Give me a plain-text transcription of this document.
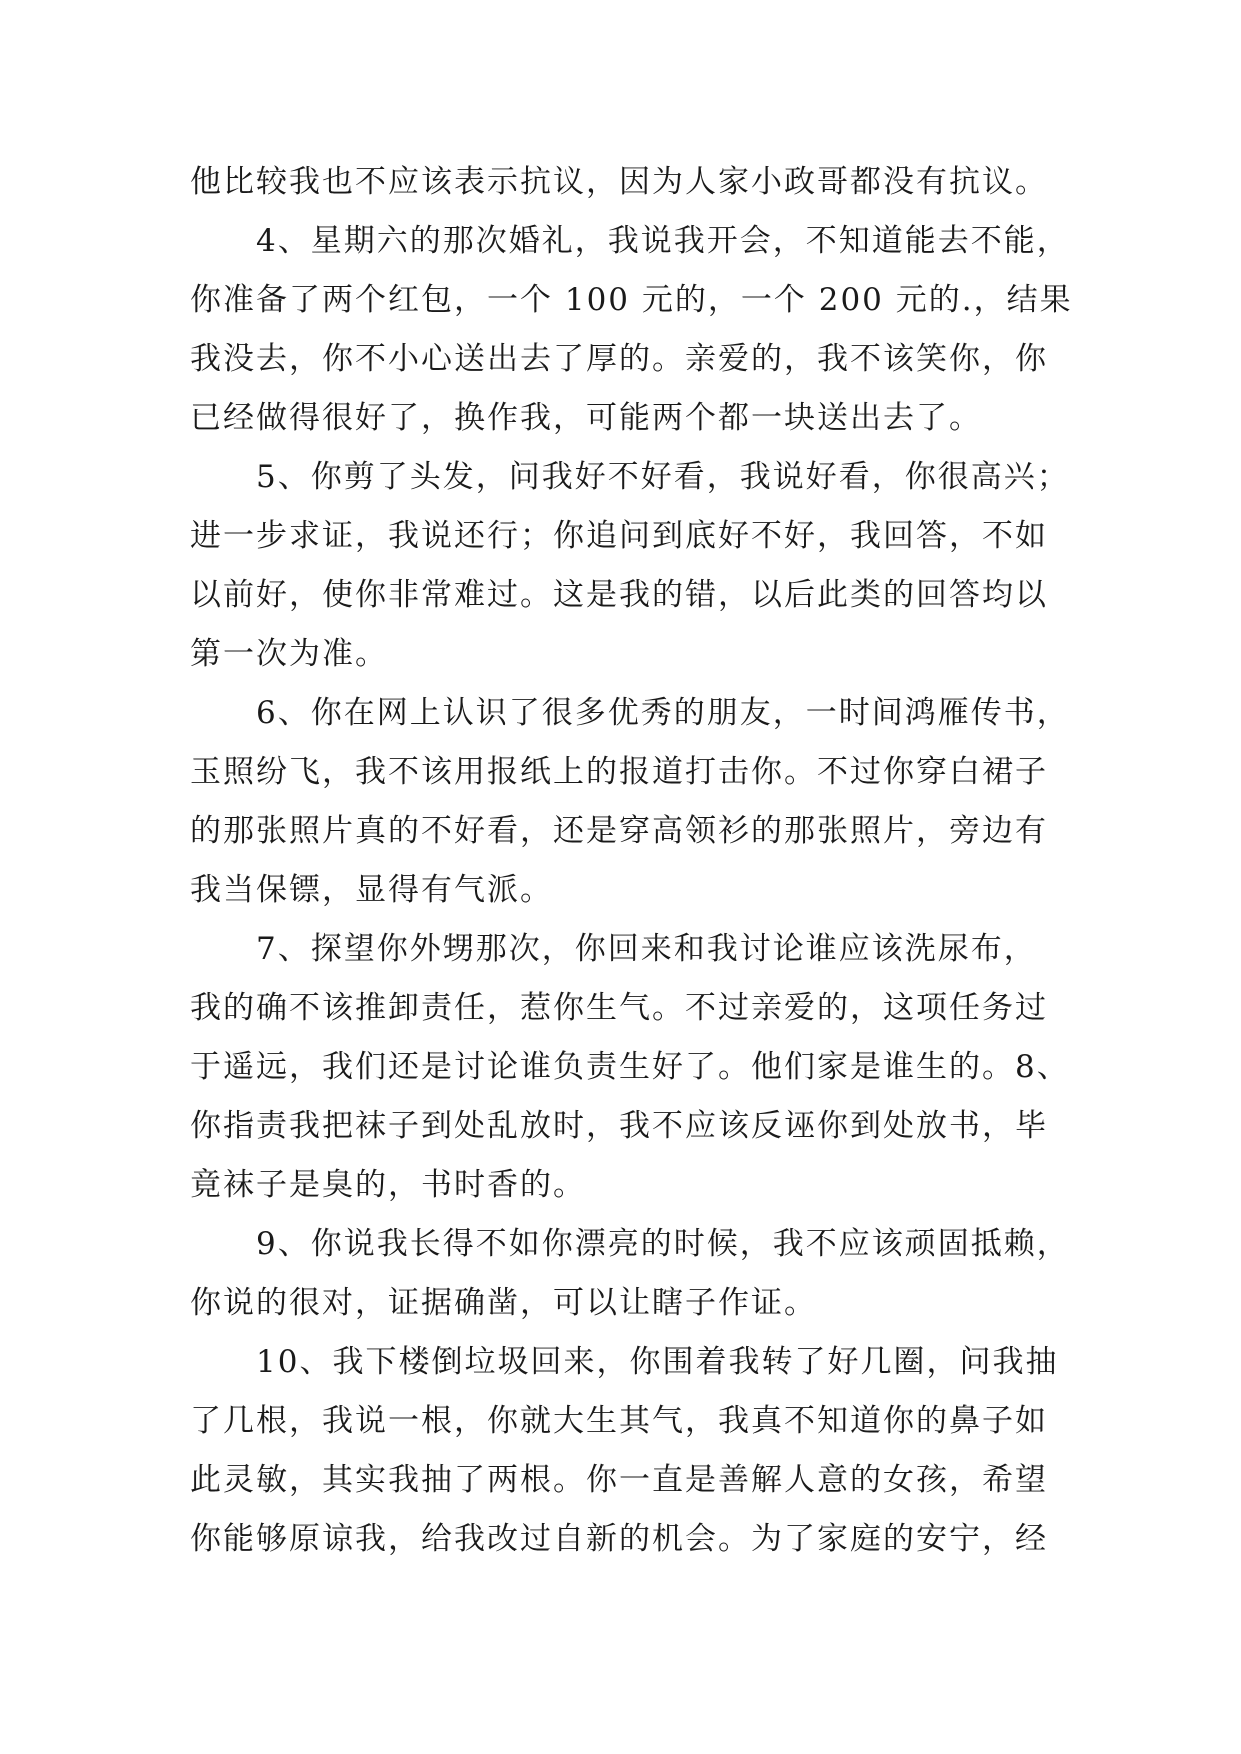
他比较我也不应该表示抗议，因为人家小政哥都没有抗议。
4、星期六的那次婚礼，我说我开会，不知道能去不能，
你准备了两个红包，一个 100 元的，一个 200 元的.，结果
我没去，你不小心送出去了厚的。亲爱的，我不该笑你，你
已经做得很好了，换作我，可能两个都一块送出去了。
5、你剪了头发，问我好不好看，我说好看，你很高兴；
进一步求证，我说还行；你追问到底好不好，我回答，不如
以前好，使你非常难过。这是我的错，以后此类的回答均以
第一次为准。
6、你在网上认识了很多优秀的朋友，一时间鸿雁传书，
玉照纷飞，我不该用报纸上的报道打击你。不过你穿白裙子
的那张照片真的不好看，还是穿高领衫的那张照片，旁边有
我当保镖，显得有气派。
7、探望你外甥那次，你回来和我讨论谁应该洗尿布，
我的确不该推卸责任，惹你生气。不过亲爱的，这项任务过
于遥远，我们还是讨论谁负责生好了。他们家是谁生的。8、
你指责我把袜子到处乱放时，我不应该反诬你到处放书，毕
竟袜子是臭的，书时香的。
9、你说我长得不如你漂亮的时候，我不应该顽固抵赖，
你说的很对，证据确凿，可以让瞎子作证。
10、我下楼倒垃圾回来，你围着我转了好几圈，问我抽
了几根，我说一根，你就大生其气，我真不知道你的鼻子如
此灵敏，其实我抽了两根。你一直是善解人意的女孩，希望
你能够原谅我，给我改过自新的机会。为了家庭的安宁，经
